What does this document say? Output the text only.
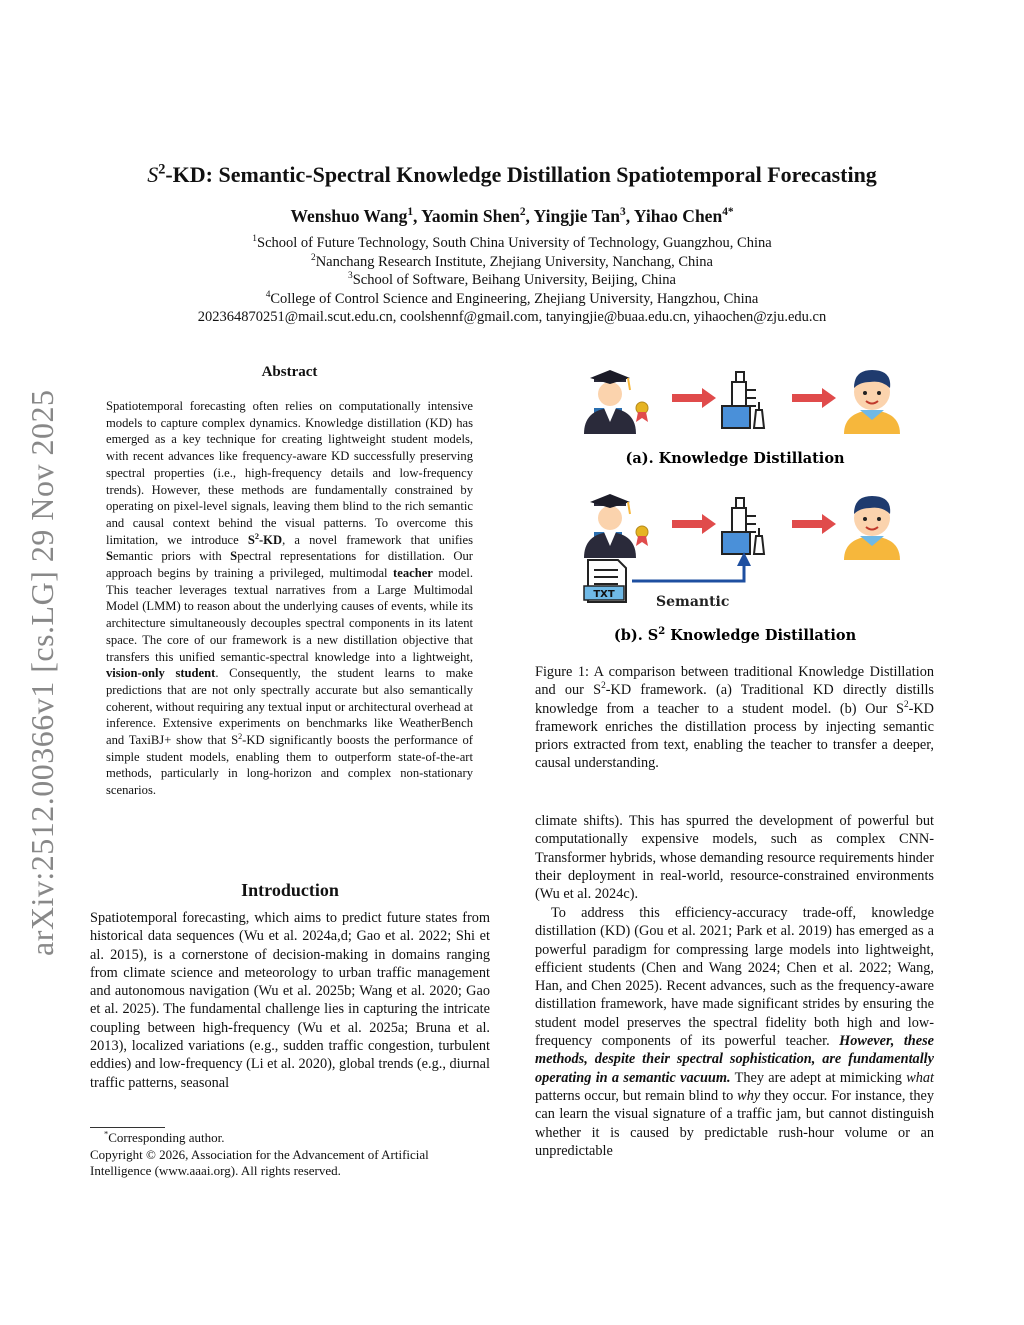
arXiv:2512.00366v1 [cs.LG] 29 Nov 2025
$S^2-KD$: Semantic-Spectral Knowledge Distillation Spatiotemporal Forecasting
Wenshuo Wang$^1$, Yaomin Shen$^2$, Yingjie Tan$^3$, Yihao Chen$^{4*}$
$^1$School of Future Technology, South China University of Technology, Guangzhou, China
$^2$Nanchang Research Institute, Zhejiang University, Nanchang, China
$^3$School of Software, Beihang University, Beijing, China
$^4$College of Control Science and Engineering, Zhejiang University, Hangzhou, China
202364870251@mail.scut.edu.cn, coolshennf@gmail.com, tanyingjie@buaa.edu.cn, yihaochen@zju.edu.cn
Abstract
Spatiotemporal forecasting often relies on computationally intensive models to capture complex dynamics. Knowledge distillation (KD) has emerged as a key technique for creating lightweight student models, with recent advances like frequency-aware KD successfully preserving spectral properties (i.e., high-frequency details and low-frequency trends). However, these methods are fundamentally constrained by operating on pixel-level signals, leaving them blind to the rich semantic and causal context behind the visual patterns. To overcome this limitation, we introduce $S^2-KD$, a novel framework that unifies Semantic priors with Spectral representations for distillation. Our approach begins by training a privileged, multimodal teacher model. This teacher leverages textual narratives from a Large Multimodal Model (LMM) to reason about the underlying causes of events, while its architecture simultaneously decouples spectral components in its latent space. The core of our framework is a new distillation objective that transfers this unified semantic-spectral knowledge into a lightweight, vision-only student. Consequently, the student learns to make predictions that are not only spectrally accurate but also semantically coherent, without requiring any textual input or architectural overhead at inference. Extensive experiments on benchmarks like WeatherBench and TaxiBJ+ show that $S^2-KD$ significantly boosts the performance of simple student models, enabling them to outperform state-of-the-art methods, particularly in long-horizon and complex non-stationary scenarios.
Introduction
Spatiotemporal forecasting, which aims to predict future states from historical data sequences (Wu et al. 2024a,d; Gao et al. 2022; Shi et al. 2015), is a cornerstone of decision-making in domains ranging from climate science and meteorology to urban traffic management and autonomous navigation (Wu et al. 2025b; Wang et al. 2020; Gao et al. 2025). The fundamental challenge lies in capturing the intricate coupling between high-frequency (Wu et al. 2025a; Bruna et al. 2013), localized variations (e.g., sudden traffic congestion, turbulent eddies) and low-frequency (Li et al. 2020), global trends (e.g., diurnal traffic patterns, seasonal
*Corresponding author.
Copyright © 2026, Association for the Advancement of Artificial Intelligence (www.aaai.org). All rights reserved.
(a). Knowledge Distillation
TXT	Semantic
(b). $S^2$ Knowledge Distillation
Figure 1: A comparison between traditional Knowledge Distillation and our $S^2-KD$ framework. (a) Traditional KD directly distills knowledge from a teacher to a student model. (b) Our $S^2-KD$ framework enriches the distillation process by injecting semantic priors extracted from text, enabling the teacher to transfer a deeper, causal understanding.
climate shifts). This has spurred the development of powerful but computationally expensive models, such as complex CNN-Transformer hybrids, whose demanding resource requirements hinder their deployment in real-world, resource-constrained environments (Wu et al. 2024c).
To address this efficiency-accuracy trade-off, knowledge distillation (KD) (Gou et al. 2021; Park et al. 2019) has emerged as a powerful paradigm for compressing large models into lightweight, efficient students (Chen and Wang 2024; Chen et al. 2022; Wang, Han, and Chen 2025). Recent advances, such as the frequency-aware distillation framework, have made significant strides by ensuring the student model preserves the spectral fidelity both high and low-frequency components of its powerful teacher. However, these methods, despite their spectral sophistication, are fundamentally operating in a semantic vacuum. They are adept at mimicking what patterns occur, but remain blind to why they occur. For instance, they can learn the visual signature of a traffic jam, but cannot distinguish whether it is caused by predictable rush-hour volume or an unpredictable
